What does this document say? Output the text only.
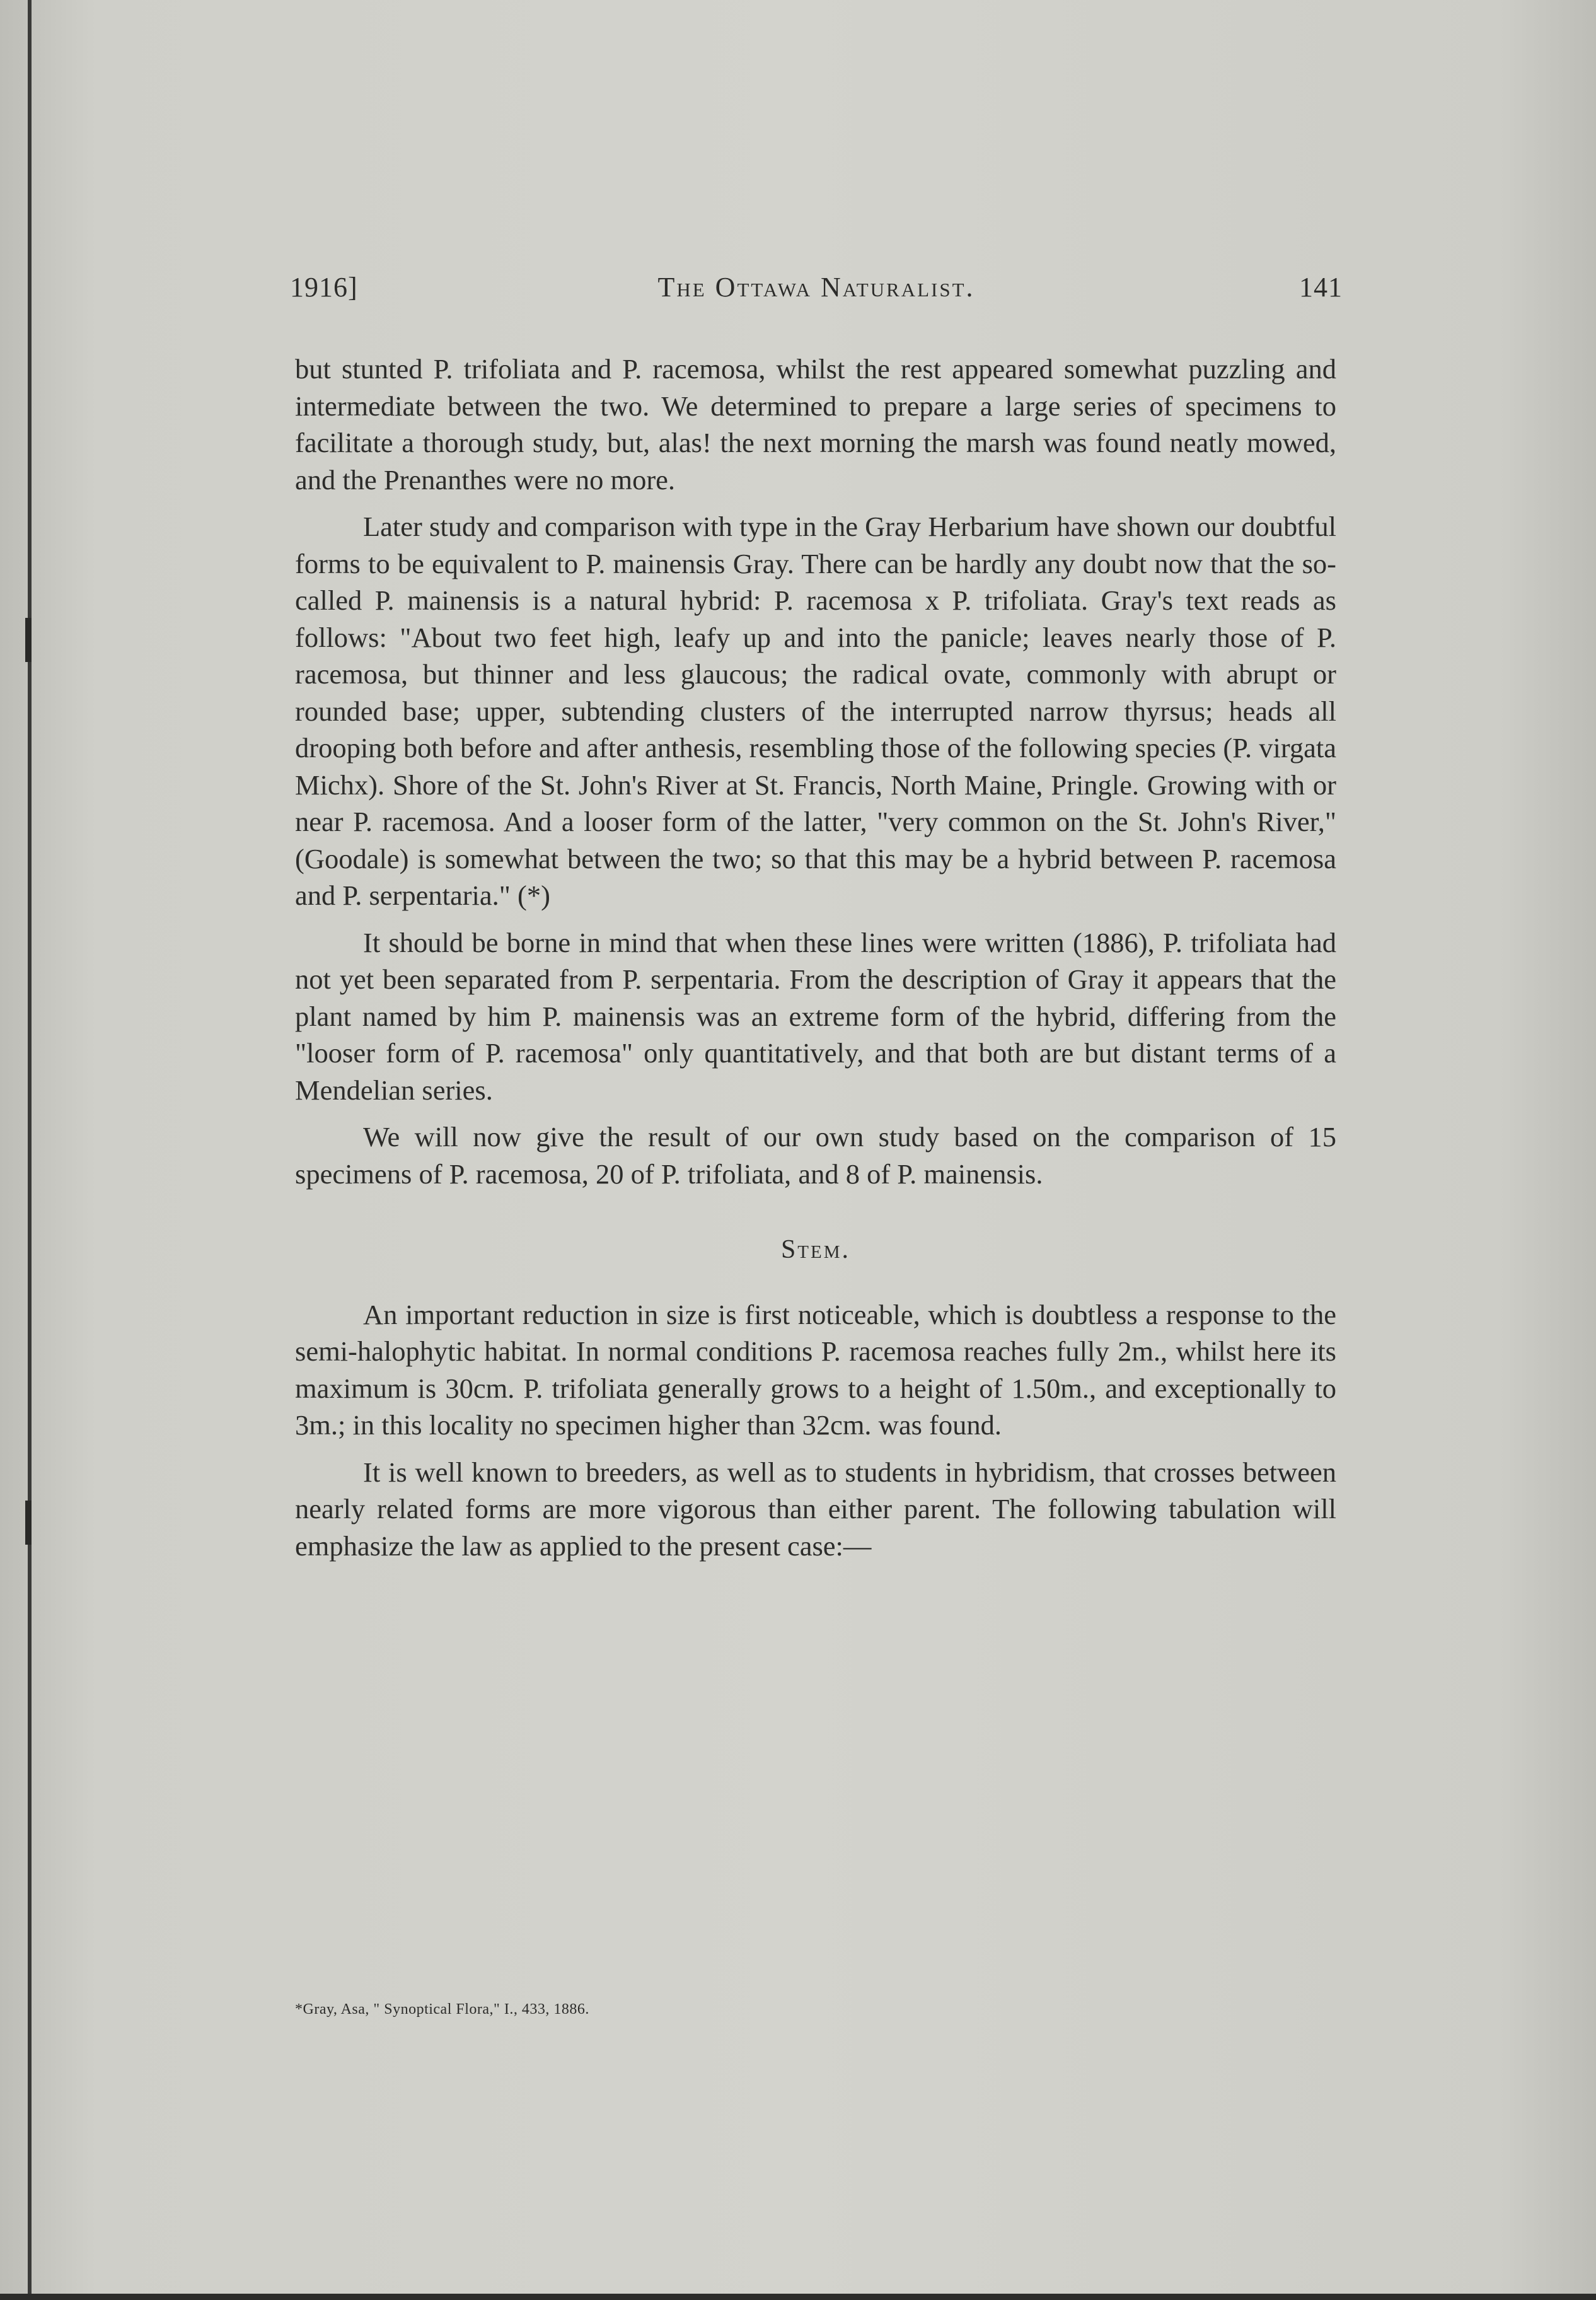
1916]	The Ottawa Naturalist.	141

but stunted P. trifoliata and P. racemosa, whilst the rest appeared somewhat puzzling and intermediate between the two. We determined to prepare a large series of specimens to facilitate a thorough study, but, alas! the next morning the marsh was found neatly mowed, and the Prenanthes were no more.

Later study and comparison with type in the Gray Herbarium have shown our doubtful forms to be equivalent to P. mainensis Gray. There can be hardly any doubt now that the so-called P. mainensis is a natural hybrid: P. racemosa x P. trifoliata. Gray's text reads as follows: "About two feet high, leafy up and into the panicle; leaves nearly those of P. racemosa, but thinner and less glaucous; the radical ovate, commonly with abrupt or rounded base; upper, subtending clusters of the interrupted narrow thyrsus; heads all drooping both before and after anthesis, resembling those of the following species (P. virgata Michx). Shore of the St. John's River at St. Francis, North Maine, Pringle. Growing with or near P. racemosa. And a looser form of the latter, "very common on the St. John's River," (Goodale) is somewhat between the two; so that this may be a hybrid between P. racemosa and P. serpentaria." (*)

It should be borne in mind that when these lines were written (1886), P. trifoliata had not yet been separated from P. serpentaria. From the description of Gray it appears that the plant named by him P. mainensis was an extreme form of the hybrid, differing from the "looser form of P. racemosa" only quantitatively, and that both are but distant terms of a Mendelian series.

We will now give the result of our own study based on the comparison of 15 specimens of P. racemosa, 20 of P. trifoliata, and 8 of P. mainensis.

Stem.

An important reduction in size is first noticeable, which is doubtless a response to the semi-halophytic habitat. In normal conditions P. racemosa reaches fully 2m., whilst here its maximum is 30cm. P. trifoliata generally grows to a height of 1.50m., and exceptionally to 3m.; in this locality no specimen higher than 32cm. was found.

It is well known to breeders, as well as to students in hybridism, that crosses between nearly related forms are more vigorous than either parent. The following tabulation will emphasize the law as applied to the present case:—

*Gray, Asa, " Synoptical Flora," I., 433, 1886.
